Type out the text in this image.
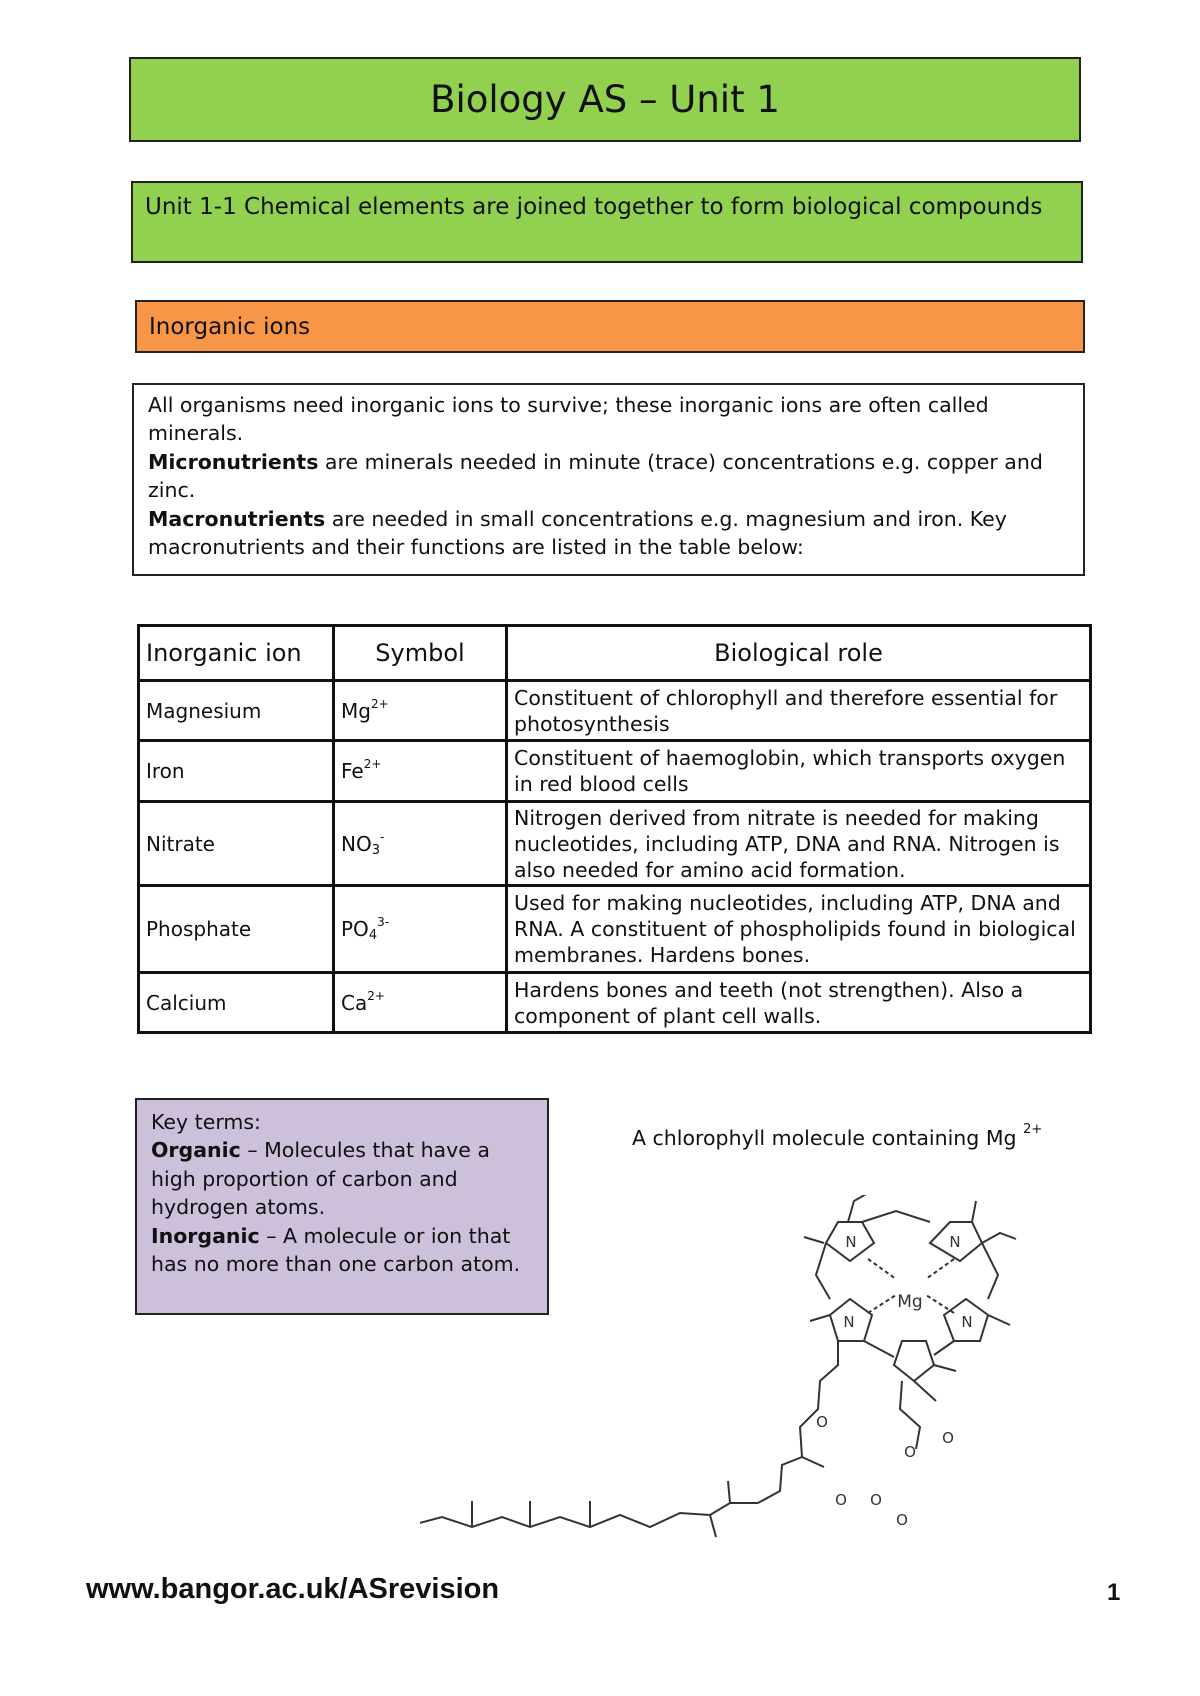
Biology AS – Unit 1
Unit 1-1 Chemical elements are joined together to form biological compounds
Inorganic ions
All organisms need inorganic ions to survive; these inorganic ions are often called minerals.
Micronutrients are minerals needed in minute (trace) concentrations e.g. copper and zinc.
Macronutrients are needed in small concentrations e.g. magnesium and iron. Key macronutrients and their functions are listed in the table below:
Inorganic ion	Symbol	Biological role
Magnesium	$Mg^{2+}$	Constituent of chlorophyll and therefore essential for photosynthesis
Iron	$Fe^{2+}$	Constituent of haemoglobin, which transports oxygen in red blood cells
Nitrate	$NO_3^-$	Nitrogen derived from nitrate is needed for making nucleotides, including ATP, DNA and RNA. Nitrogen is also needed for amino acid formation.
Phosphate	$PO_4^{3-}$	Used for making nucleotides, including ATP, DNA and RNA. A constituent of phospholipids found in biological membranes. Hardens bones.
Calcium	$Ca^{2+}$	Hardens bones and teeth (not strengthen). Also a component of plant cell walls.
Key terms:
Organic – Molecules that have a high proportion of carbon and hydrogen atoms.
Inorganic – A molecule or ion that has no more than one carbon atom.
A chlorophyll molecule containing Mg $^{2+}$
N	N
N	N
Mg
O
O
O
O O
O
www.bangor.ac.uk/ASrevision	1
